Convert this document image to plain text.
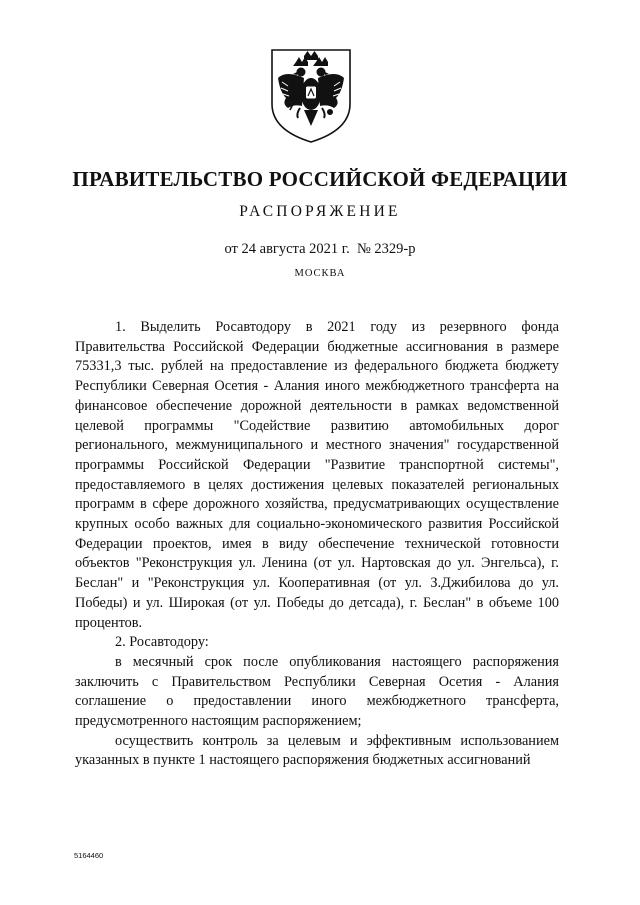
ПРАВИТЕЛЬСТВО РОССИЙСКОЙ ФЕДЕРАЦИИ
РАСПОРЯЖЕНИЕ
от 24 августа 2021 г.  № 2329-р
МОСКВА

1. Выделить Росавтодору в 2021 году из резервного фонда Правительства Российской Федерации бюджетные ассигнования в размере 75331,3 тыс. рублей на предоставление из федерального бюджета бюджету Республики Северная Осетия - Алания иного межбюджетного трансферта на финансовое обеспечение дорожной деятельности в рамках ведомственной целевой программы "Содействие развитию автомобильных дорог регионального, межмуниципального и местного значения" государственной программы Российской Федерации "Развитие транспортной системы", предоставляемого в целях достижения целевых показателей региональных программ в сфере дорожного хозяйства, предусматривающих осуществление крупных особо важных для социально-экономического развития Российской Федерации проектов, имея в виду обеспечение технической готовности объектов "Реконструкция ул. Ленина (от ул. Нартовская до ул. Энгельса), г. Беслан" и "Реконструкция ул. Кооперативная (от ул. З.Джибилова до ул. Победы) и ул. Широкая (от ул. Победы до детсада), г. Беслан" в объеме 100 процентов.

2. Росавтодору:

в месячный срок после опубликования настоящего распоряжения заключить с Правительством Республики Северная Осетия - Алания соглашение о предоставлении иного межбюджетного трансферта, предусмотренного настоящим распоряжением;

осуществить контроль за целевым и эффективным использованием указанных в пункте 1 настоящего распоряжения бюджетных ассигнований

5164460
